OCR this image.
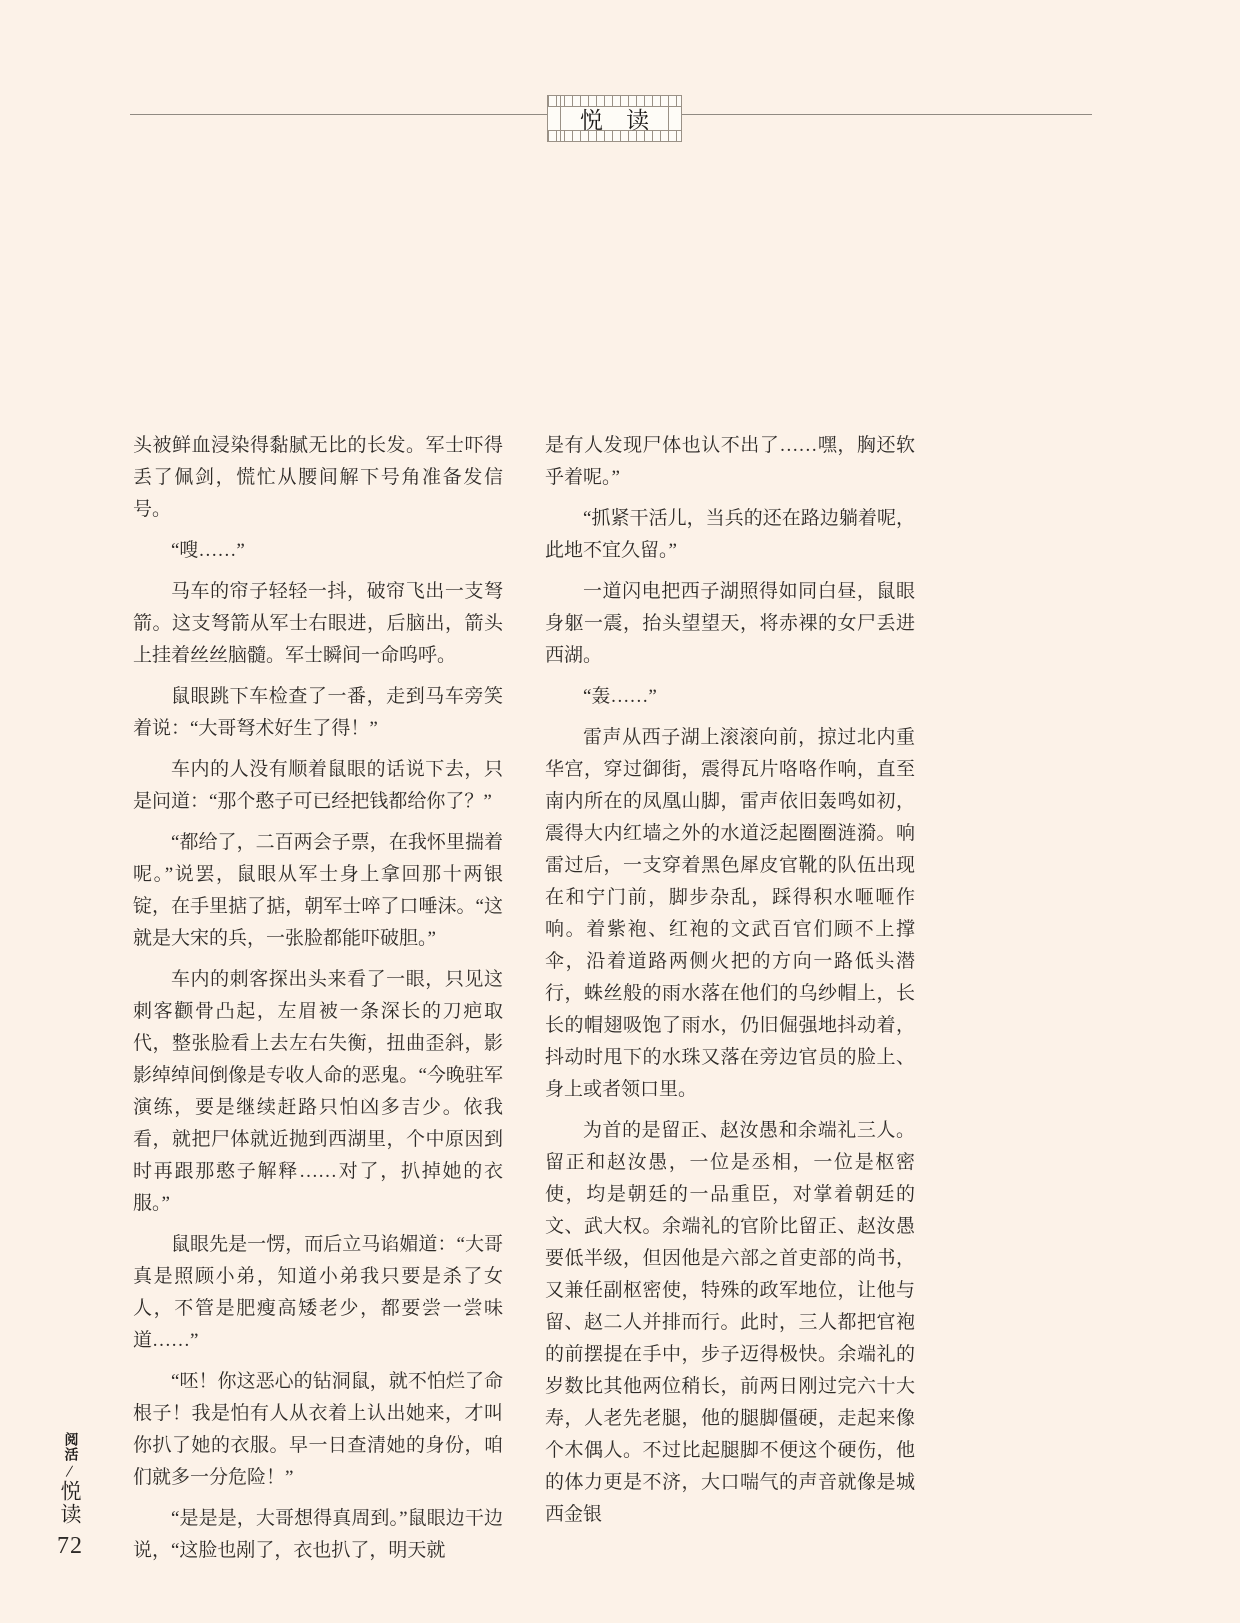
悦 读

头被鲜血浸染得黏腻无比的长发。军士吓得丢了佩剑，慌忙从腰间解下号角准备发信号。

“嗖……”

马车的帘子轻轻一抖，破帘飞出一支弩箭。这支弩箭从军士右眼进，后脑出，箭头上挂着丝丝脑髓。军士瞬间一命呜呼。

鼠眼跳下车检查了一番，走到马车旁笑着说：“大哥弩术好生了得！”

车内的人没有顺着鼠眼的话说下去，只是问道：“那个憨子可已经把钱都给你了？”

“都给了，二百两会子票，在我怀里揣着呢。”说罢，鼠眼从军士身上拿回那十两银锭，在手里掂了掂，朝军士啐了口唾沫。“这就是大宋的兵，一张脸都能吓破胆。”

车内的刺客探出头来看了一眼，只见这刺客颧骨凸起，左眉被一条深长的刀疤取代，整张脸看上去左右失衡，扭曲歪斜，影影绰绰间倒像是专收人命的恶鬼。“今晚驻军演练，要是继续赶路只怕凶多吉少。依我看，就把尸体就近抛到西湖里，个中原因到时再跟那憨子解释……对了，扒掉她的衣服。”

鼠眼先是一愣，而后立马谄媚道：“大哥真是照顾小弟，知道小弟我只要是杀了女人，不管是肥瘦高矮老少，都要尝一尝味道……”

“呸！你这恶心的钻洞鼠，就不怕烂了命根子！我是怕有人从衣着上认出她来，才叫你扒了她的衣服。早一日查清她的身份，咱们就多一分危险！”

“是是是，大哥想得真周到。”鼠眼边干边说，“这脸也剐了，衣也扒了，明天就

是有人发现尸体也认不出了……嘿，胸还软乎着呢。”

“抓紧干活儿，当兵的还在路边躺着呢，此地不宜久留。”

一道闪电把西子湖照得如同白昼，鼠眼身躯一震，抬头望望天，将赤裸的女尸丢进西湖。

“轰……”

雷声从西子湖上滚滚向前，掠过北内重华宫，穿过御街，震得瓦片咯咯作响，直至南内所在的凤凰山脚，雷声依旧轰鸣如初，震得大内红墙之外的水道泛起圈圈涟漪。响雷过后，一支穿着黑色犀皮官靴的队伍出现在和宁门前，脚步杂乱，踩得积水咂咂作响。着紫袍、红袍的文武百官们顾不上撑伞，沿着道路两侧火把的方向一路低头潜行，蛛丝般的雨水落在他们的乌纱帽上，长长的帽翅吸饱了雨水，仍旧倔强地抖动着，抖动时甩下的水珠又落在旁边官员的脸上、身上或者领口里。

为首的是留正、赵汝愚和余端礼三人。留正和赵汝愚，一位是丞相，一位是枢密使，均是朝廷的一品重臣，对掌着朝廷的文、武大权。余端礼的官阶比留正、赵汝愚要低半级，但因他是六部之首吏部的尚书，又兼任副枢密使，特殊的政军地位，让他与留、赵二人并排而行。此时，三人都把官袍的前摆提在手中，步子迈得极快。余端礼的岁数比其他两位稍长，前两日刚过完六十大寿，人老先老腿，他的腿脚僵硬，走起来像个木偶人。不过比起腿脚不便这个硬伤，他的体力更是不济，大口喘气的声音就像是城西金银

阅活
/
悦读
72
